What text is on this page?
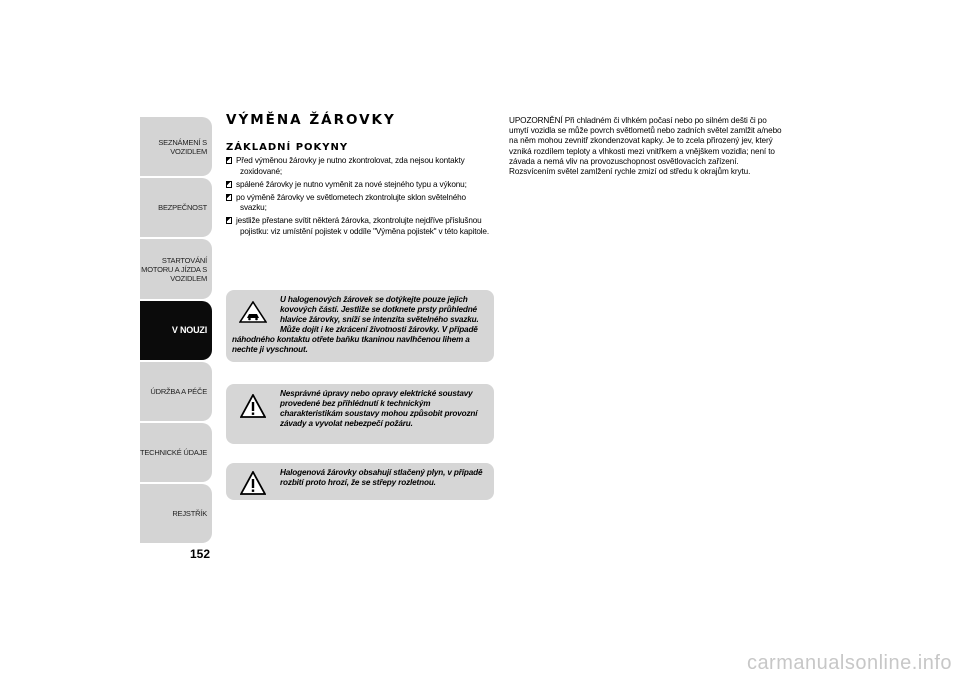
SEZNÁMENÍ S
VOZIDLEM
BEZPEČNOST
STARTOVÁNÍ
MOTORU A JÍZDA S
VOZIDLEM
V NOUZI
ÚDRŽBA A PÉČE
TECHNICKÉ ÚDAJE
REJSTŘÍK
152
VÝMĚNA ŽÁROVKY
ZÁKLADNÍ POKYNY
Před výměnou žárovky je nutno zkontrolovat, zda nejsou kontakty zoxidované;
spálené žárovky je nutno vyměnit za nové stejného typu a výkonu;
po výměně žárovky ve světlometech zkontrolujte sklon světelného svazku;
jestliže přestane svítit některá žárovka, zkontrolujte nejdříve příslušnou pojistku: viz umístění pojistek v oddíle "Výměna pojistek" v této kapitole.
U halogenových žárovek se dotýkejte pouze jejich kovových částí. Jestliže se dotknete prsty průhledné hlavice žárovky, sníží se intenzita světelného svazku. Může dojít i ke zkrácení životnosti žárovky. V případě náhodného kontaktu otřete baňku tkaninou navlhčenou lihem a nechte ji vyschnout.
Nesprávné úpravy nebo opravy elektrické soustavy provedené bez přihlédnutí k technickým charakteristikám soustavy mohou způsobit provozní závady a vyvolat nebezpečí požáru.
Halogenová žárovky obsahují stlačený plyn, v případě rozbití proto hrozí, že se střepy rozletnou.
UPOZORNĚNÍ Při chladném či vlhkém počasí nebo po silném dešti či po umytí vozidla se může povrch světlometů nebo zadních světel zamlžit a/nebo na něm mohou zevnitř zkondenzovat kapky. Je to zcela přirozený jev, který vzniká rozdílem teploty a vlhkosti mezi vnitřkem a vnějškem vozidla; není to závada a nemá vliv na provozuschopnost osvětlovacích zařízení. Rozsvícením světel zamlžení rychle zmizí od středu k okrajům krytu.
carmanualsonline.info
